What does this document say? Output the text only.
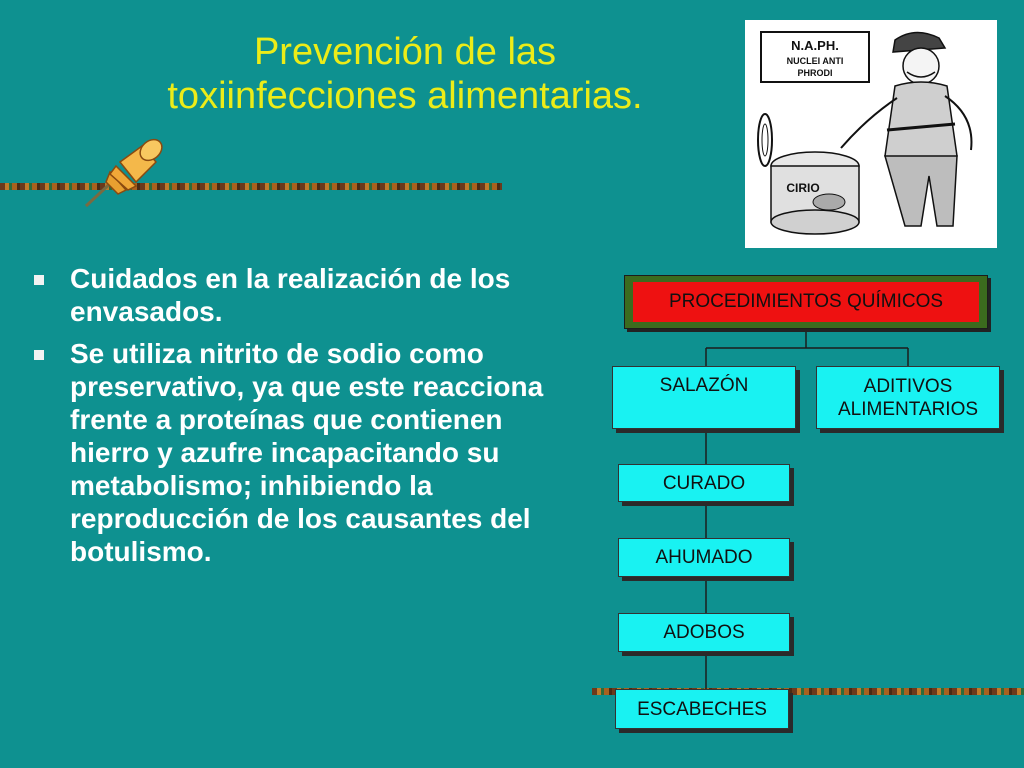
Prevención de las
toxiinfecciones alimentarias.
Cuidados en la realización de los envasados.
Se utiliza nitrito de sodio como preservativo, ya que este reacciona frente a proteínas que contienen hierro y azufre incapacitando su metabolismo; inhibiendo la reproducción de los causantes del botulismo.
N.A.PH.
NUCLEI ANTI
PHRODI
CIRIO
PROCEDIMIENTOS QUÍMICOS
SALAZÓN	ADITIVOS
ALIMENTARIOS
CURADO
AHUMADO
ADOBOS
ESCABECHES
